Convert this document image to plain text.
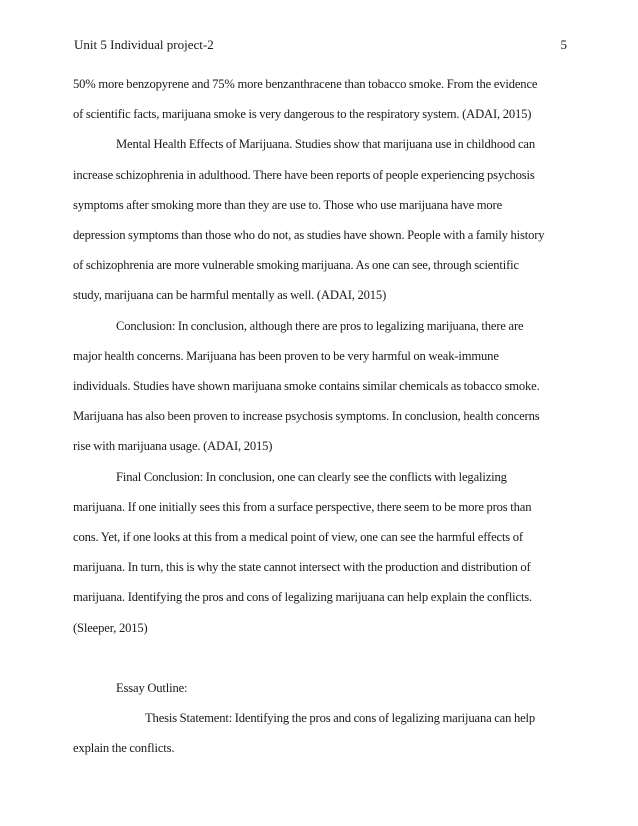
Unit 5 Individual project-2	5

50% more benzopyrene and 75% more benzanthracene than tobacco smoke. From the evidence
of scientific facts, marijuana smoke is very dangerous to the respiratory system. (ADAI, 2015)

Mental Health Effects of Marijuana. Studies show that marijuana use in childhood can
increase schizophrenia in adulthood. There have been reports of people experiencing psychosis
symptoms after smoking more than they are use to. Those who use marijuana have more
depression symptoms than those who do not, as studies have shown. People with a family history
of schizophrenia are more vulnerable smoking marijuana. As one can see, through scientific
study, marijuana can be harmful mentally as well. (ADAI, 2015)

Conclusion: In conclusion, although there are pros to legalizing marijuana, there are
major health concerns. Marijuana has been proven to be very harmful on weak-immune
individuals. Studies have shown marijuana smoke contains similar chemicals as tobacco smoke.
Marijuana has also been proven to increase psychosis symptoms. In conclusion, health concerns
rise with marijuana usage. (ADAI, 2015)

Final Conclusion: In conclusion, one can clearly see the conflicts with legalizing
marijuana. If one initially sees this from a surface perspective, there seem to be more pros than
cons. Yet, if one looks at this from a medical point of view, one can see the harmful effects of
marijuana. In turn, this is why the state cannot intersect with the production and distribution of
marijuana. Identifying the pros and cons of legalizing marijuana can help explain the conflicts.
(Sleeper, 2015)

Essay Outline:

Thesis Statement: Identifying the pros and cons of legalizing marijuana can help
explain the conflicts.
